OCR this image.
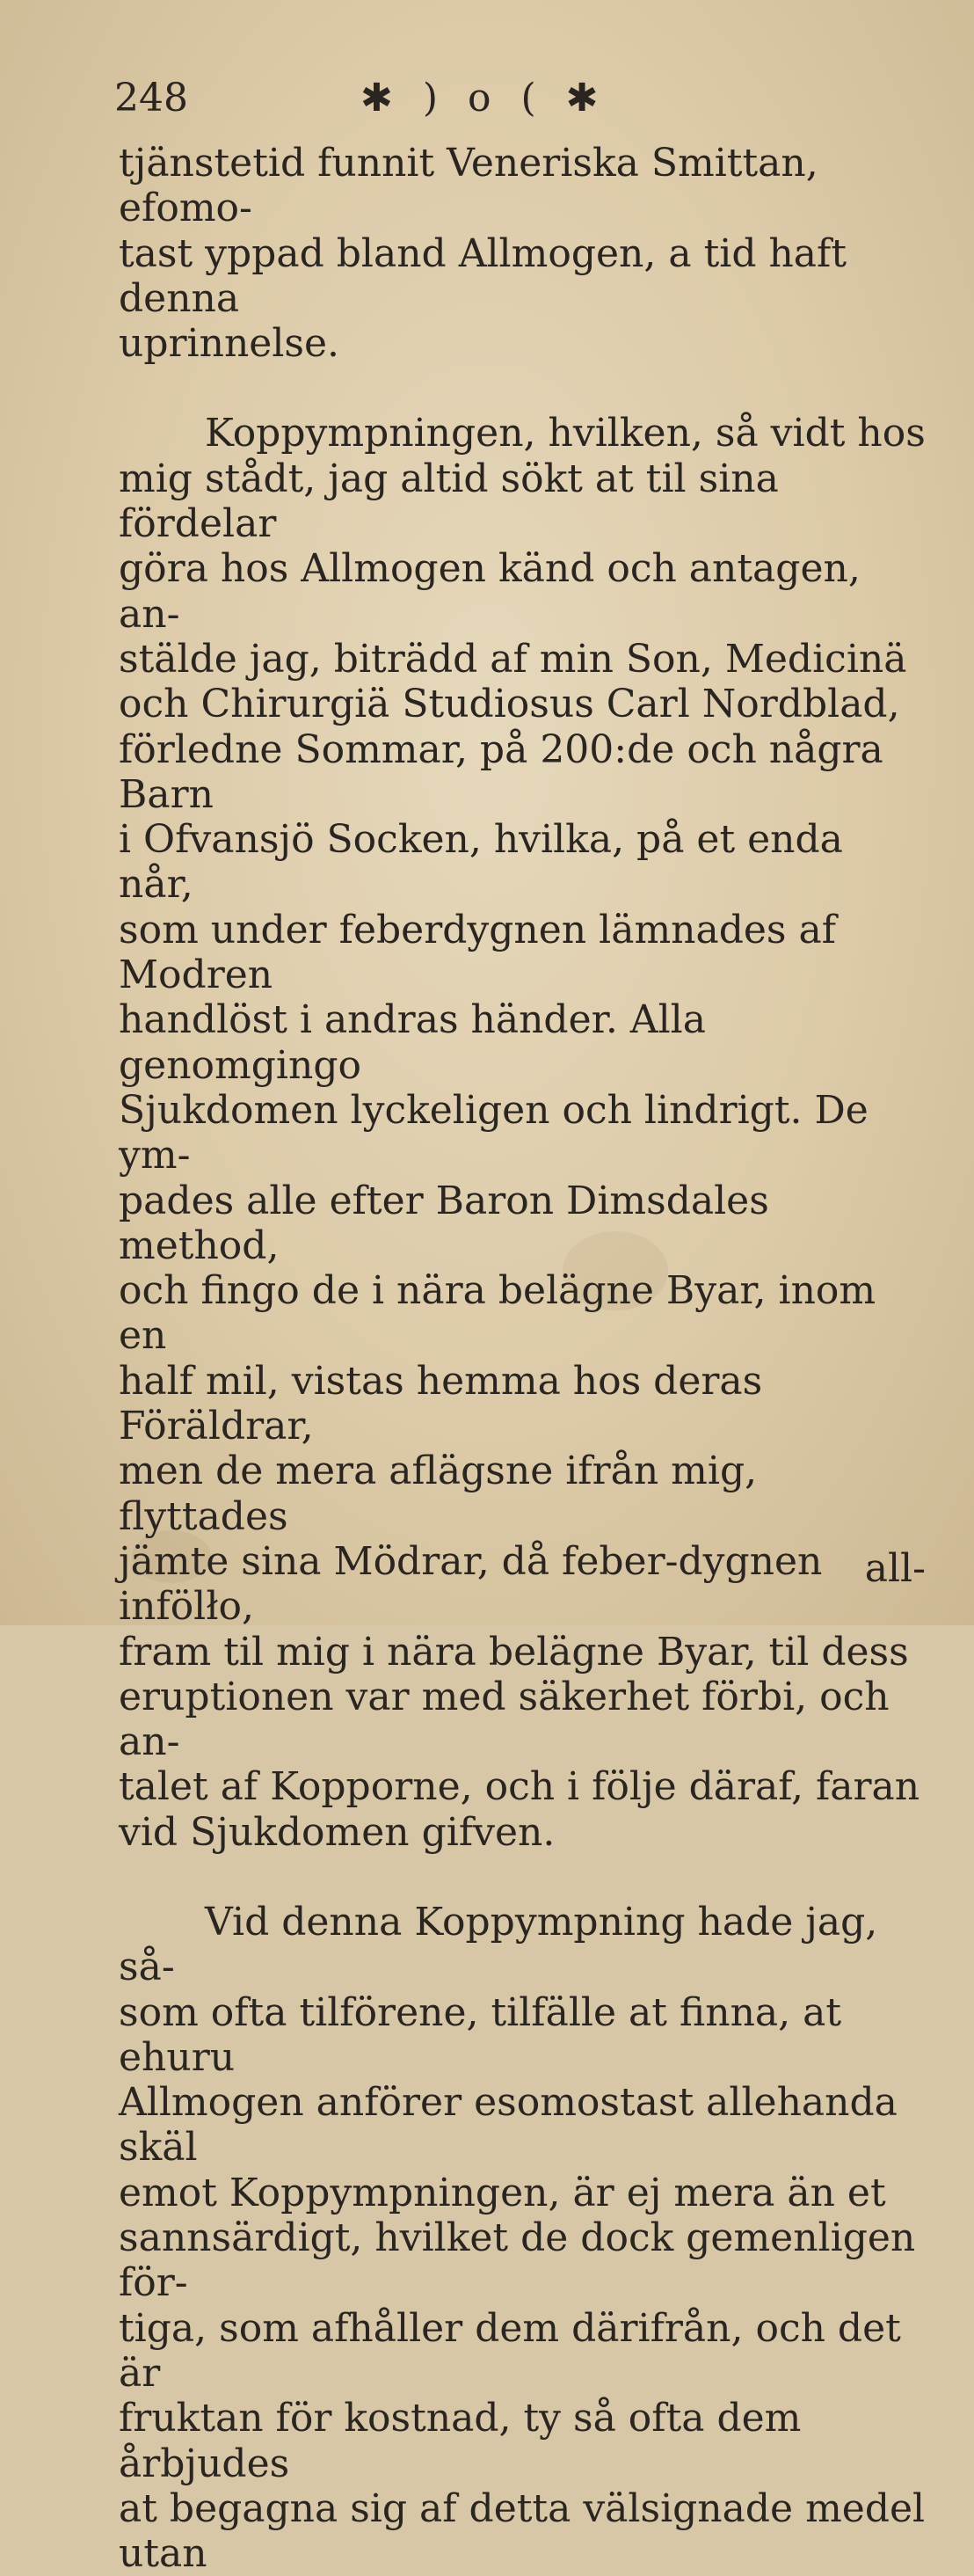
248	✱ ) o ( ✱

tjänstetid funnit Veneriska Smittan, efomo-
tast yppad bland Allmogen, a tid haft denna
uprinnelse.

Koppympningen, hvilken, så vidt hos
mig stådt, jag altid sökt at til sina fördelar
göra hos Allmogen känd och antagen, an-
stälde jag, biträdd af min Son, Medicinä
och Chirurgiä Studiosus Carl Nordblad,
förledne Sommar, på 200:de och några Barn
i Ofvansjö Socken, hvilka, på et enda når,
som under feberdygnen lämnades af Modren
handlöst i andras händer. Alla genomgingo
Sjukdomen lyckeligen och lindrigt. De ym-
pades alle efter Baron Dimsdales method,
och fingo de i nära belägne Byar, inom en
half mil, vistas hemma hos deras Föräldrar,
men de mera aflägsne ifrån mig, flyttades
jämte sina Mödrar, då feber-dygnen infölło,
fram til mig i nära belägne Byar, til dess
eruptionen var med säkerhet förbi, och an-
talet af Kopporne, och i följe däraf, faran
vid Sjukdomen gifven.

Vid denna Koppympning hade jag, så-
som ofta tilförene, tilfälle at finna, at ehuru
Allmogen anförer esomostast allehanda skäl
emot Koppympningen, är ej mera än et
sannsärdigt, hvilket de dock gemenligen för-
tiga, som afhåller dem därifrån, och det är
fruktan för kostnad, ty så ofta dem årbjudes
at begagna sig af detta välsignade medel utan

all-
